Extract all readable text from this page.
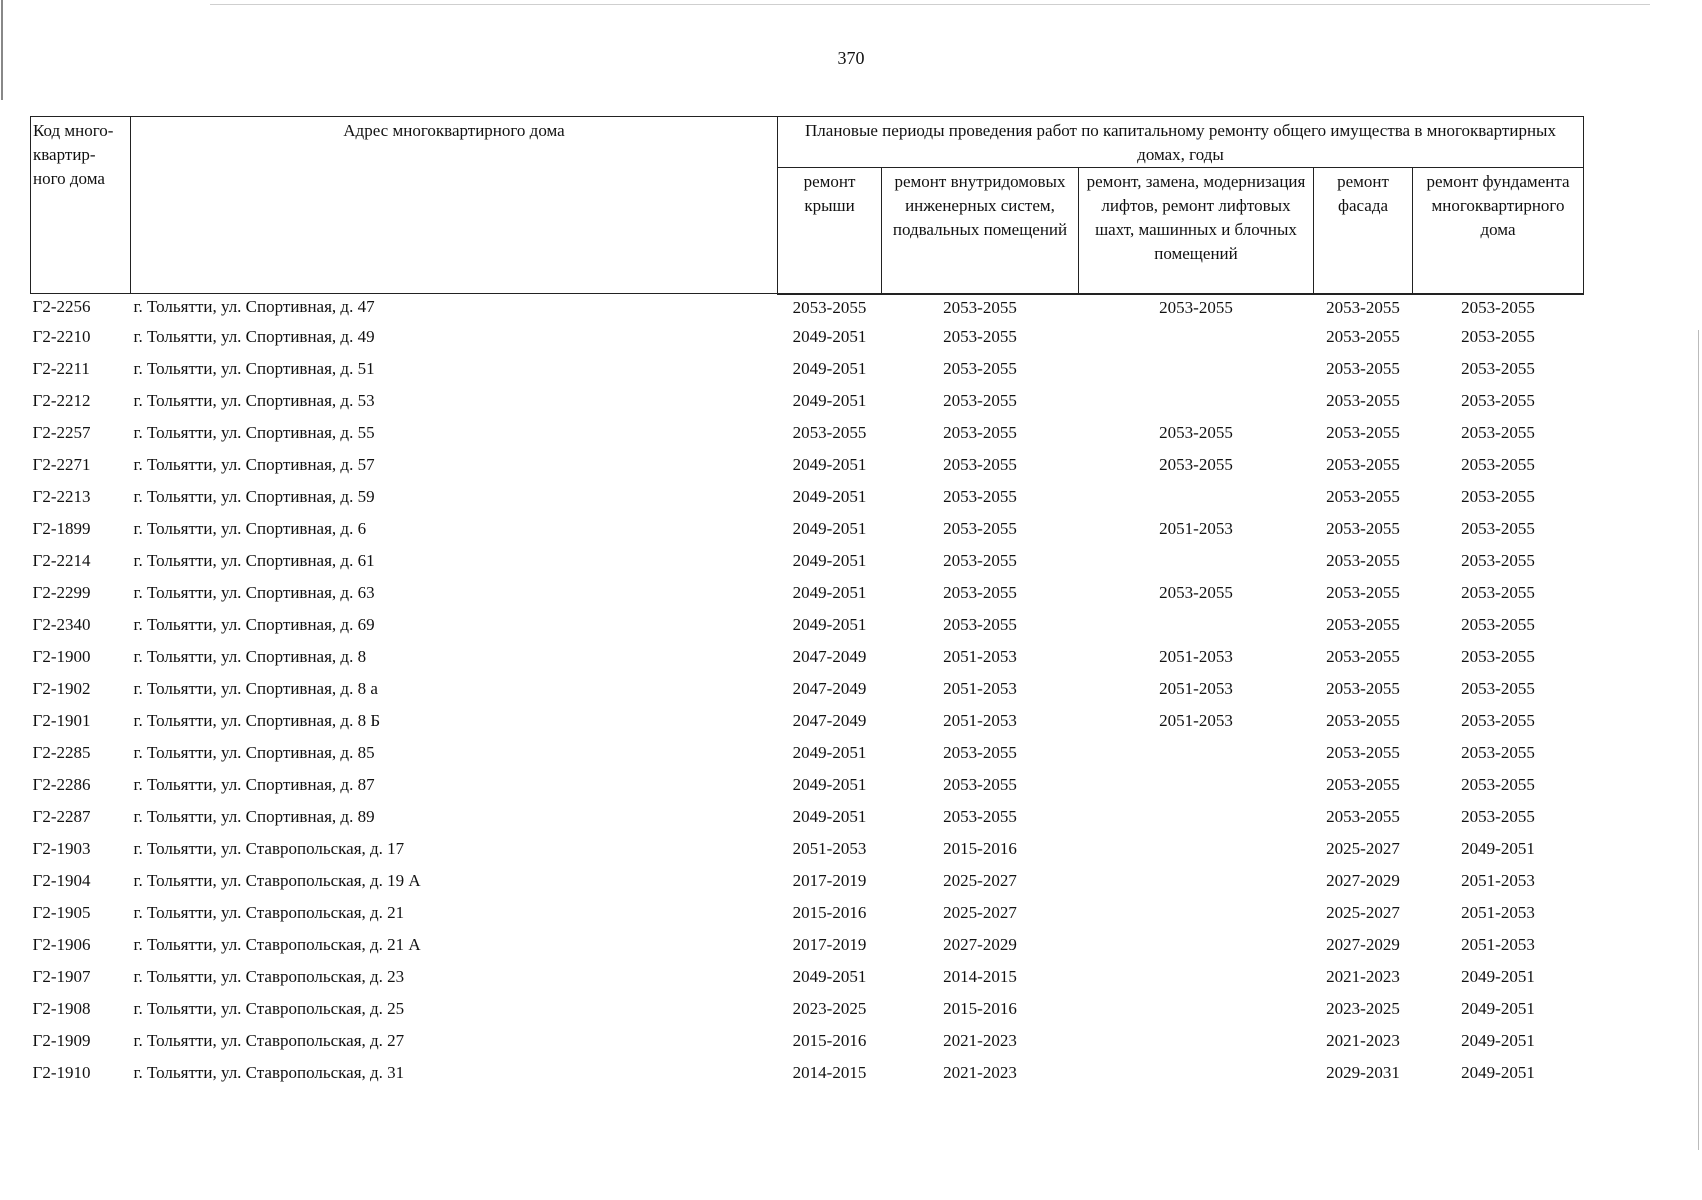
370
Код много-квартир-ного дома	Адрес многоквартирного дома	Плановые периоды проведения работ по капитальному ремонту общего имущества в многоквартирных домах, годы				
		ремонт крыши	ремонт внутридомовых инженерных систем, подвальных помещений	ремонт, замена, модернизация лифтов, ремонт лифтовых шахт, машинных и блочных помещений	ремонт фасада	ремонт фундамента многоквартирного дома
Г2-2256	г. Тольятти, ул. Спортивная, д. 47	2053-2055	2053-2055	2053-2055	2053-2055	2053-2055
Г2-2210	г. Тольятти, ул. Спортивная, д. 49	2049-2051	2053-2055		2053-2055	2053-2055
Г2-2211	г. Тольятти, ул. Спортивная, д. 51	2049-2051	2053-2055		2053-2055	2053-2055
Г2-2212	г. Тольятти, ул. Спортивная, д. 53	2049-2051	2053-2055		2053-2055	2053-2055
Г2-2257	г. Тольятти, ул. Спортивная, д. 55	2053-2055	2053-2055	2053-2055	2053-2055	2053-2055
Г2-2271	г. Тольятти, ул. Спортивная, д. 57	2049-2051	2053-2055	2053-2055	2053-2055	2053-2055
Г2-2213	г. Тольятти, ул. Спортивная, д. 59	2049-2051	2053-2055		2053-2055	2053-2055
Г2-1899	г. Тольятти, ул. Спортивная, д. 6	2049-2051	2053-2055	2051-2053	2053-2055	2053-2055
Г2-2214	г. Тольятти, ул. Спортивная, д. 61	2049-2051	2053-2055		2053-2055	2053-2055
Г2-2299	г. Тольятти, ул. Спортивная, д. 63	2049-2051	2053-2055	2053-2055	2053-2055	2053-2055
Г2-2340	г. Тольятти, ул. Спортивная, д. 69	2049-2051	2053-2055		2053-2055	2053-2055
Г2-1900	г. Тольятти, ул. Спортивная, д. 8	2047-2049	2051-2053	2051-2053	2053-2055	2053-2055
Г2-1902	г. Тольятти, ул. Спортивная, д. 8 а	2047-2049	2051-2053	2051-2053	2053-2055	2053-2055
Г2-1901	г. Тольятти, ул. Спортивная, д. 8 Б	2047-2049	2051-2053	2051-2053	2053-2055	2053-2055
Г2-2285	г. Тольятти, ул. Спортивная, д. 85	2049-2051	2053-2055		2053-2055	2053-2055
Г2-2286	г. Тольятти, ул. Спортивная, д. 87	2049-2051	2053-2055		2053-2055	2053-2055
Г2-2287	г. Тольятти, ул. Спортивная, д. 89	2049-2051	2053-2055		2053-2055	2053-2055
Г2-1903	г. Тольятти, ул. Ставропольская, д. 17	2051-2053	2015-2016		2025-2027	2049-2051
Г2-1904	г. Тольятти, ул. Ставропольская, д. 19 А	2017-2019	2025-2027		2027-2029	2051-2053
Г2-1905	г. Тольятти, ул. Ставропольская, д. 21	2015-2016	2025-2027		2025-2027	2051-2053
Г2-1906	г. Тольятти, ул. Ставропольская, д. 21 А	2017-2019	2027-2029		2027-2029	2051-2053
Г2-1907	г. Тольятти, ул. Ставропольская, д. 23	2049-2051	2014-2015		2021-2023	2049-2051
Г2-1908	г. Тольятти, ул. Ставропольская, д. 25	2023-2025	2015-2016		2023-2025	2049-2051
Г2-1909	г. Тольятти, ул. Ставропольская, д. 27	2015-2016	2021-2023		2021-2023	2049-2051
Г2-1910	г. Тольятти, ул. Ставропольская, д. 31	2014-2015	2021-2023		2029-2031	2049-2051
